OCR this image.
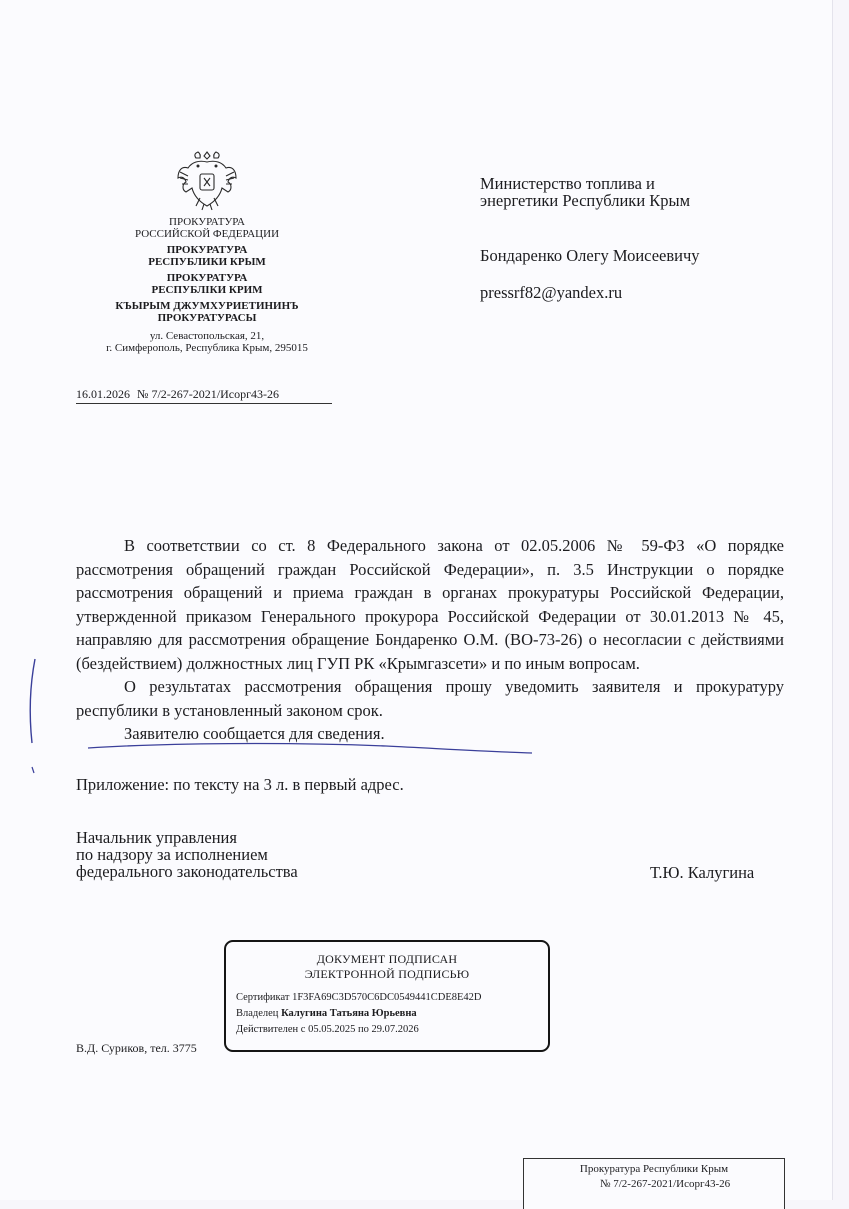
ПРОКУРАТУРА
РОССИЙСКОЙ ФЕДЕРАЦИИ
ПРОКУРАТУРА
РЕСПУБЛИКИ КРЫМ
ПРОКУРАТУРА
РЕСПУБЛIКИ КРИМ
КЪЫРЫМ ДЖУМХУРИЕТИНИНЪ
ПРОКУРАТУРАСЫ
ул. Севастопольская, 21,
г. Симферополь, Республика Крым, 295015
16.01.2026 № 7/2-267-2021/Исорг43-26
Министерство топлива и
энергетики Республики Крым
Бондаренко Олегу Моисеевичу
pressrf82@yandex.ru

В соответствии со ст. 8 Федерального закона от 02.05.2006 № 59-ФЗ «О порядке рассмотрения обращений граждан Российской Федерации», п. 3.5 Инструкции о порядке рассмотрения обращений и приема граждан в органах прокуратуры Российской Федерации, утвержденной приказом Генерального прокурора Российской Федерации от 30.01.2013 № 45, направляю для рассмотрения обращение Бондаренко О.М. (ВО-73-26) о несогласии с действиями (бездействием) должностных лиц ГУП РК «Крымгазсети» и по иным вопросам.

О результатах рассмотрения обращения прошу уведомить заявителя и прокуратуру республики в установленный законом срок.

Заявителю сообщается для сведения.

Приложение: по тексту на 3 л. в первый адрес.
Начальник управления
по надзору за исполнением
федерального законодательства	Т.Ю. Калугина
ДОКУМЕНТ ПОДПИСАН
ЭЛЕКТРОННОЙ ПОДПИСЬЮ
Сертификат 1F3FA69C3D570C6DC0549441CDE8E42D
Владелец Калугина Татьяна Юрьевна
Действителен с 05.05.2025 по 29.07.2026
В.Д. Суриков, тел. 3775
Прокуратура Республики Крым
№ 7/2-267-2021/Исорг43-26
